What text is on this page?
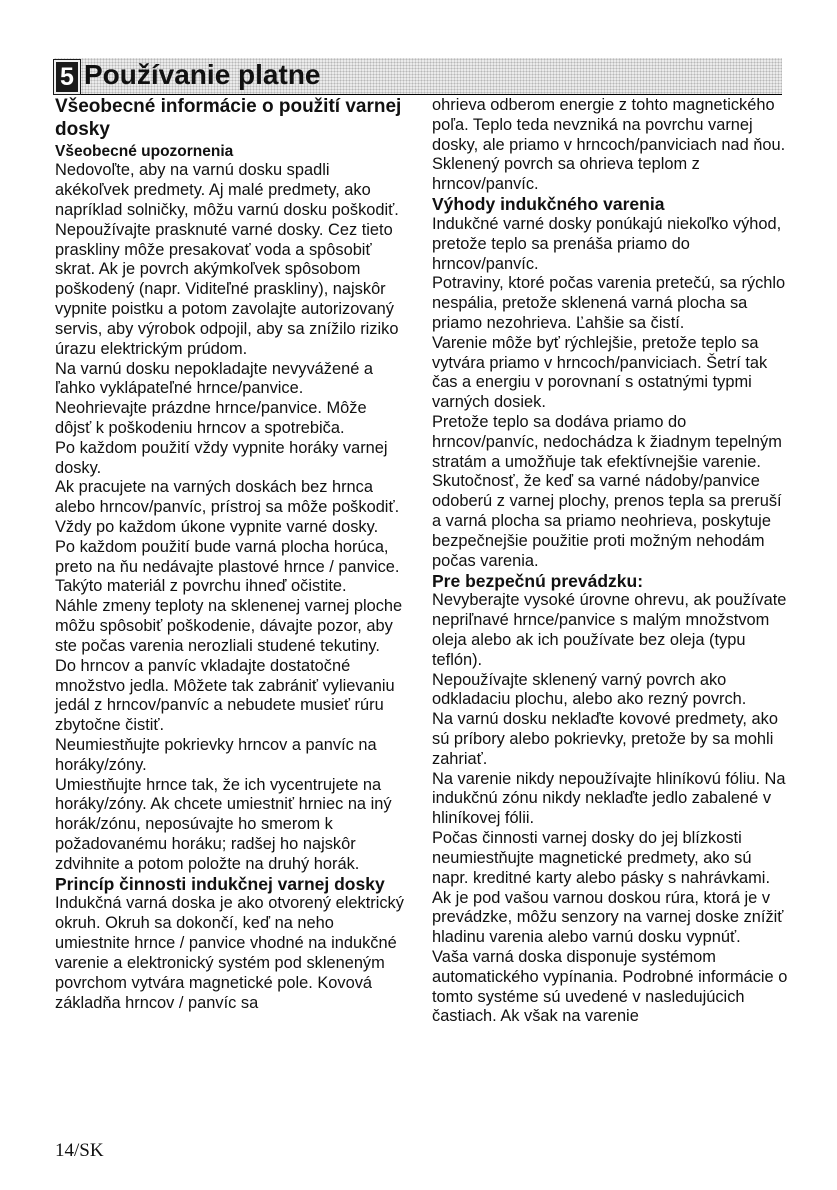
5 Používanie platne

Všeobecné informácie o použití varnej dosky

Všeobecné upozornenia

Nedovoľte, aby na varnú dosku spadli akékoľvek predmety. Aj malé predmety, ako napríklad solničky, môžu varnú dosku poškodiť. Nepoužívajte prasknuté varné dosky. Cez tieto praskliny môže presakovať voda a spôsobiť skrat. Ak je povrch akýmkoľvek spôsobom poškodený (napr. Viditeľné praskliny), najskôr vypnite poistku a potom zavolajte autorizovaný servis, aby výrobok odpojil, aby sa znížilo riziko úrazu elektrickým prúdom.

Na varnú dosku nepokladajte nevyvážené a ľahko vyklápateľné hrnce/panvice.

Neohrievajte prázdne hrnce/panvice. Môže dôjsť k poškodeniu hrncov a spotrebiča.

Po každom použití vždy vypnite horáky varnej dosky.

Ak pracujete na varných doskách bez hrnca alebo hrncov/panvíc, prístroj sa môže poškodiť. Vždy po každom úkone vypnite varné dosky.

Po každom použití bude varná plocha horúca, preto na ňu nedávajte plastové hrnce / panvice. Takýto materiál z povrchu ihneď očistite.

Náhle zmeny teploty na sklenenej varnej ploche môžu spôsobiť poškodenie, dávajte pozor, aby ste počas varenia nerozliali studené tekutiny.

Do hrncov a panvíc vkladajte dostatočné množstvo jedla. Môžete tak zabrániť vylievaniu jedál z hrncov/panvíc a nebudete musieť rúru zbytočne čistiť.

Neumiestňujte pokrievky hrncov a panvíc na horáky/zóny.

Umiestňujte hrnce tak, že ich vycentrujete na horáky/zóny. Ak chcete umiestniť hrniec na iný horák/zónu, neposúvajte ho smerom k požadovanému horáku; radšej ho najskôr zdvihnite a potom položte na druhý horák.

Princíp činnosti indukčnej varnej dosky

Indukčná varná doska je ako otvorený elektrický okruh. Okruh sa dokončí, keď na neho umiestnite hrnce / panvice vhodné na indukčné varenie a elektronický systém pod skleneným povrchom vytvára magnetické pole. Kovová základňa hrncov / panvíc sa

ohrieva odberom energie z tohto magnetického poľa. Teplo teda nevzniká na povrchu varnej dosky, ale priamo v hrncoch/panviciach nad ňou. Sklenený povrch sa ohrieva teplom z hrncov/panvíc.

Výhody indukčného varenia

Indukčné varné dosky ponúkajú niekoľko výhod, pretože teplo sa prenáša priamo do hrncov/panvíc.

Potraviny, ktoré počas varenia pretečú, sa rýchlo nespália, pretože sklenená varná plocha sa priamo nezohrieva. Ľahšie sa čistí.

Varenie môže byť rýchlejšie, pretože teplo sa vytvára priamo v hrncoch/panviciach. Šetrí tak čas a energiu v porovnaní s ostatnými typmi varných dosiek.

Pretože teplo sa dodáva priamo do hrncov/panvíc, nedochádza k žiadnym tepelným stratám a umožňuje tak efektívnejšie varenie.

Skutočnosť, že keď sa varné nádoby/panvice odoberú z varnej plochy, prenos tepla sa preruší a varná plocha sa priamo neohrieva, poskytuje bezpečnejšie použitie proti možným nehodám počas varenia.

Pre bezpečnú prevádzku:

Nevyberajte vysoké úrovne ohrevu, ak používate nepriľnavé hrnce/panvice s malým množstvom oleja alebo ak ich používate bez oleja (typu teflón).

Nepoužívajte sklenený varný povrch ako odkladaciu plochu, alebo ako rezný povrch.

Na varnú dosku neklaďte kovové predmety, ako sú príbory alebo pokrievky, pretože by sa mohli zahriať.

Na varenie nikdy nepoužívajte hliníkovú fóliu. Na indukčnú zónu nikdy neklaďte jedlo zabalené v hliníkovej fólii.

Počas činnosti varnej dosky do jej blízkosti neumiestňujte magnetické predmety, ako sú napr. kreditné karty alebo pásky s nahrávkami.

Ak je pod vašou varnou doskou rúra, ktorá je v prevádzke, môžu senzory na varnej doske znížiť hladinu varenia alebo varnú dosku vypnúť.

Vaša varná doska disponuje systémom automatického vypínania. Podrobné informácie o tomto systéme sú uvedené v nasledujúcich častiach. Ak však na varenie

14/SK
